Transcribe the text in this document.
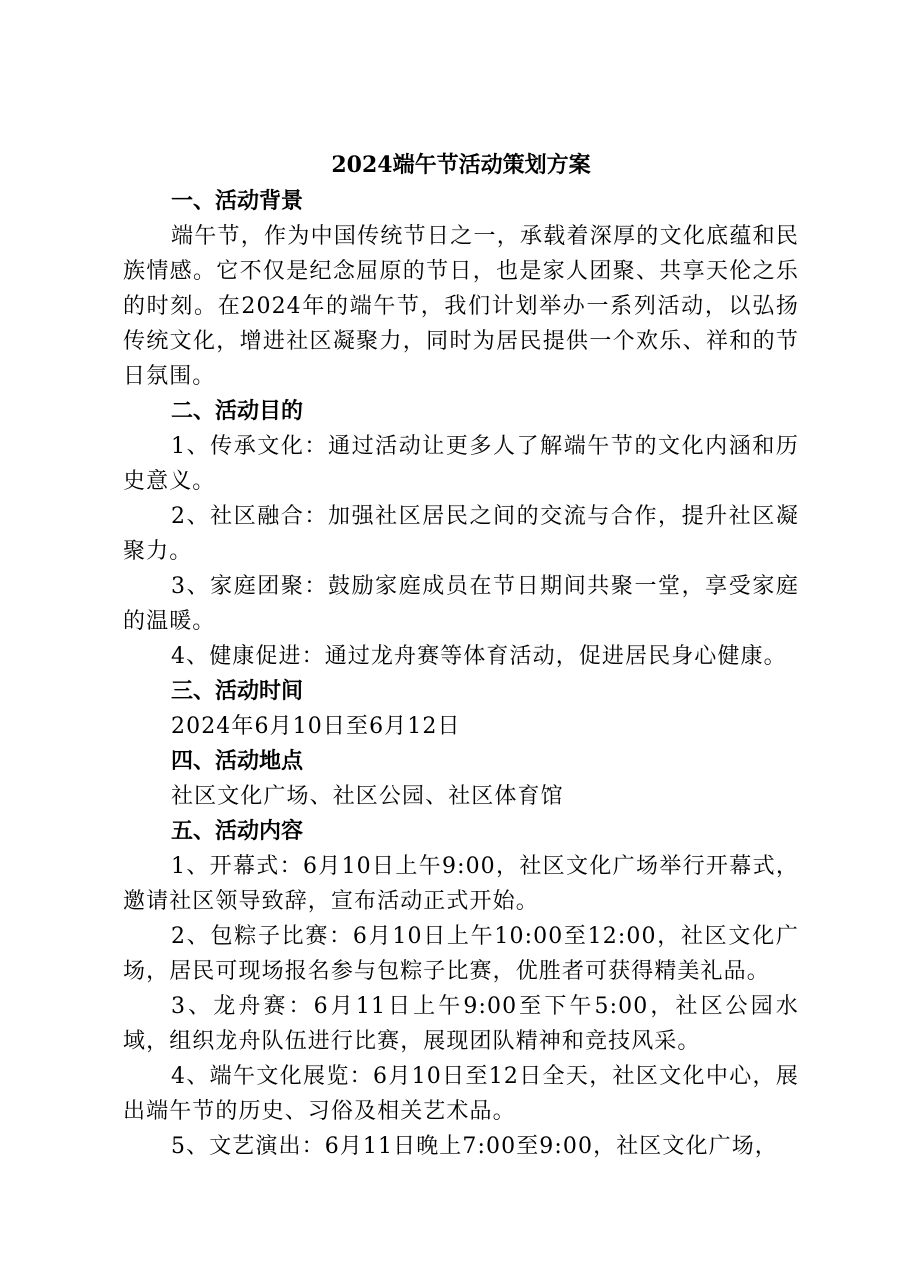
2024端午节活动策划方案

一、活动背景

端午节，作为中国传统节日之一，承载着深厚的文化底蕴和民族情感。它不仅是纪念屈原的节日，也是家人团聚、共享天伦之乐的时刻。在2024年的端午节，我们计划举办一系列活动，以弘扬传统文化，增进社区凝聚力，同时为居民提供一个欢乐、祥和的节日氛围。

二、活动目的

1、传承文化：通过活动让更多人了解端午节的文化内涵和历史意义。

2、社区融合：加强社区居民之间的交流与合作，提升社区凝聚力。

3、家庭团聚：鼓励家庭成员在节日期间共聚一堂，享受家庭的温暖。

4、健康促进：通过龙舟赛等体育活动，促进居民身心健康。

三、活动时间

2024年6月10日至6月12日

四、活动地点

社区文化广场、社区公园、社区体育馆

五、活动内容

1、开幕式：6月10日上午9:00，社区文化广场举行开幕式，邀请社区领导致辞，宣布活动正式开始。

2、包粽子比赛：6月10日上午10:00至12:00，社区文化广场，居民可现场报名参与包粽子比赛，优胜者可获得精美礼品。

3、龙舟赛：6月11日上午9:00至下午5:00，社区公园水域，组织龙舟队伍进行比赛，展现团队精神和竞技风采。

4、端午文化展览：6月10日至12日全天，社区文化中心，展出端午节的历史、习俗及相关艺术品。

5、文艺演出：6月11日晚上7:00至9:00，社区文化广场，
